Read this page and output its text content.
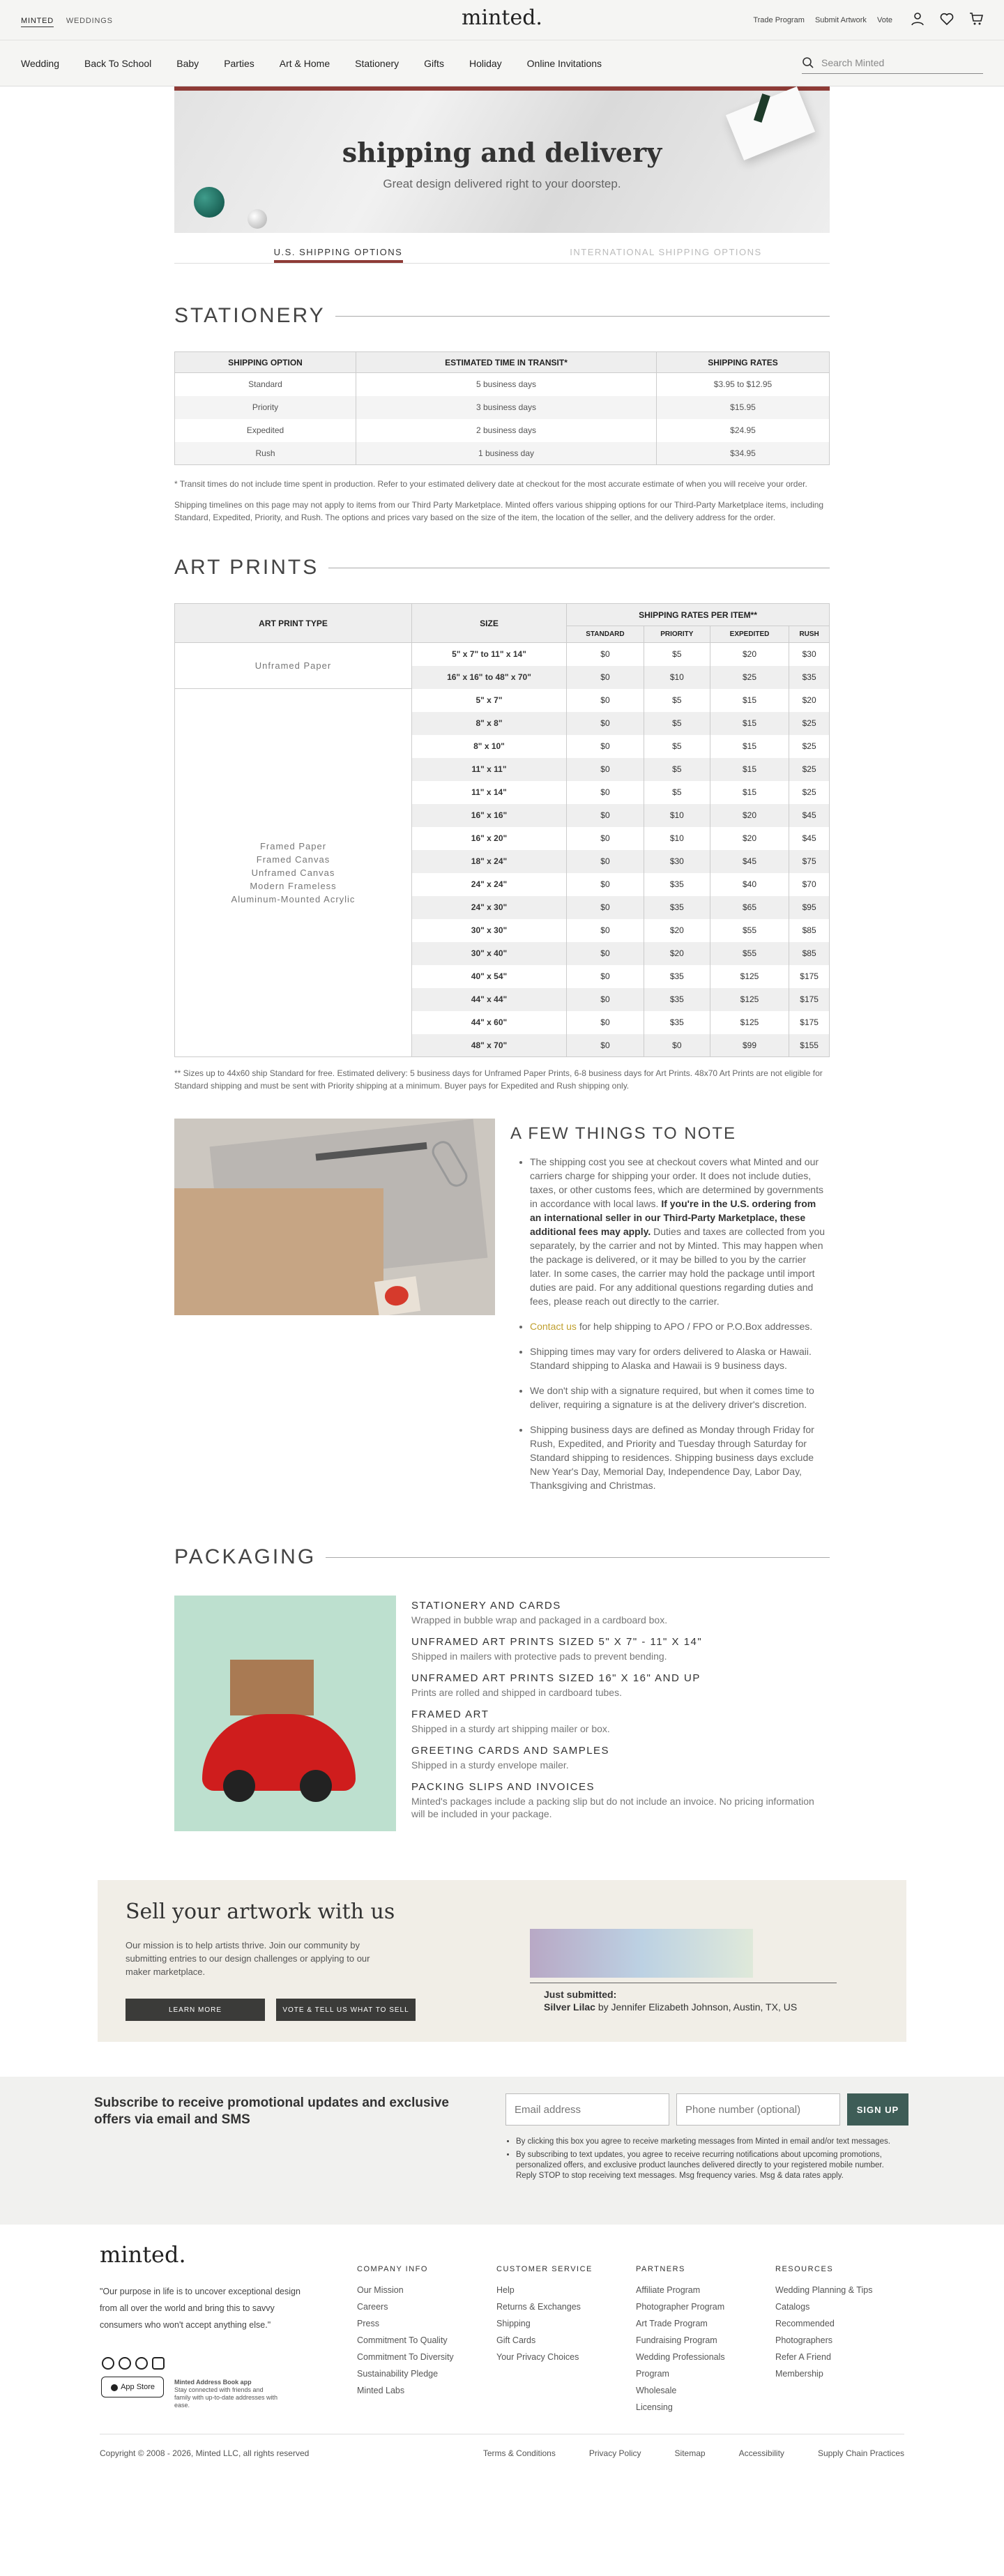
MINTED WEDDINGS	minted.	Trade Program Submit Artwork Vote
Wedding	Back To School	Baby	Parties	Art & Home	Stationery	Gifts	Holiday	Online Invitations	Search Minted
shipping and delivery

Great design delivered right to your doorstep.

U.S. SHIPPING OPTIONS	INTERNATIONAL SHIPPING OPTIONS
STATIONERY
SHIPPING OPTION	ESTIMATED TIME IN TRANSIT*	SHIPPING RATES
Standard	5 business days	$3.95 to $12.95
Priority	3 business days	$15.95
Expedited	2 business days	$24.95
Rush	1 business day	$34.95

* Transit times do not include time spent in production. Refer to your estimated delivery date at checkout for the most accurate estimate of when you will receive your order.

Shipping timelines on this page may not apply to items from our Third Party Marketplace. Minted offers various shipping options for our Third-Party Marketplace items, including Standard, Expedited, Priority, and Rush. The options and prices vary based on the size of the item, the location of the seller, and the delivery address for the order.

ART PRINTS
ART PRINT TYPE	SIZE	SHIPPING RATES PER ITEM**			
		STANDARD	PRIORITY	EXPEDITED	RUSH
Unframed Paper	5" x 7" to 11" x 14"	$0	$5	$20	$30
	16" x 16" to 48" x 70"	$0	$10	$25	$35

Framed Paper
Framed Canvas
Unframed Canvas
Modern Frameless
Aluminum-Mounted Acrylic	5" x 7"	$0	$5	$15	$20
	8" x 8"	$0	$5	$15	$25
	8" x 10"	$0	$5	$15	$25
	11" x 11"	$0	$5	$15	$25
	11" x 14"	$0	$5	$15	$25
	16" x 16"	$0	$10	$20	$45
	16" x 20"	$0	$10	$20	$45
	18" x 24"	$0	$30	$45	$75
	24" x 24"	$0	$35	$40	$70
	24" x 30"	$0	$35	$65	$95
	30" x 30"	$0	$20	$55	$85
	30" x 40"	$0	$20	$55	$85
	40" x 54"	$0	$35	$125	$175
	44" x 44"	$0	$35	$125	$175
	44" x 60"	$0	$35	$125	$175
	48" x 70"	$0	$0	$99	$155

** Sizes up to 44x60 ship Standard for free. Estimated delivery: 5 business days for Unframed Paper Prints, 6-8 business days for Art Prints. 48x70 Art Prints are not eligible for Standard shipping and must be sent with Priority shipping at a minimum. Buyer pays for Expedited and Rush shipping only.

A FEW THINGS TO NOTE
• The shipping cost you see at checkout covers what Minted and our carriers charge for shipping your order. It does not include duties, taxes, or other customs fees, which are determined by governments in accordance with local laws. If you're in the U.S. ordering from an international seller in our Third-Party Marketplace, these additional fees may apply. Duties and taxes are collected from you separately, by the carrier and not by Minted. This may happen when the package is delivered, or it may be billed to you by the carrier later. In some cases, the carrier may hold the package until import duties are paid. For any additional questions regarding duties and fees, please reach out directly to the carrier.
• Contact us for help shipping to APO / FPO or P.O.Box addresses.
• Shipping times may vary for orders delivered to Alaska or Hawaii. Standard shipping to Alaska and Hawaii is 9 business days.
• We don't ship with a signature required, but when it comes time to deliver, requiring a signature is at the delivery driver's discretion.
• Shipping business days are defined as Monday through Friday for Rush, Expedited, and Priority and Tuesday through Saturday for Standard shipping to residences. Shipping business days exclude New Year's Day, Memorial Day, Independence Day, Labor Day, Thanksgiving and Christmas.
PACKAGING
STATIONERY AND CARDS

Wrapped in bubble wrap and packaged in a cardboard box.

UNFRAMED ART PRINTS SIZED 5" X 7" - 11" X 14"

Shipped in mailers with protective pads to prevent bending.

UNFRAMED ART PRINTS SIZED 16" X 16" AND UP

Prints are rolled and shipped in cardboard tubes.

FRAMED ART

Shipped in a sturdy art shipping mailer or box.

GREETING CARDS AND SAMPLES

Shipped in a sturdy envelope mailer.

PACKING SLIPS AND INVOICES

Minted's packages include a packing slip but do not include an invoice. No pricing information will be included in your package.

Sell your artwork with us

Our mission is to help artists thrive. Join our community by submitting entries to our design challenges or applying to our maker marketplace.

LEARN MORE	VOTE & TELL US WHAT TO SELL
Just submitted:
Silver Lilac by Jennifer Elizabeth Johnson, Austin, TX, US
Subscribe to receive promotional updates and exclusive offers via email and SMS
Email address	Phone number (optional)	SIGN UP
• By clicking this box you agree to receive marketing messages from Minted in email and/or text messages.
• By subscribing to text updates, you agree to receive recurring notifications about upcoming promotions, personalized offers, and exclusive product launches delivered directly to your registered mobile number. Reply STOP to stop receiving text messages. Msg frequency varies. Msg & data rates apply.
minted.
"Our purpose in life is to uncover exceptional design from all over the world and bring this to savvy consumers who won't accept anything else."

App Store
Minted Address Book app
Stay connected with friends and family with up-to-date addresses with ease.
COMPANY INFO
Our Mission
Careers
Press
Commitment To Quality
Commitment To Diversity
Sustainability Pledge
Minted Labs
CUSTOMER SERVICE
Help
Returns & Exchanges
Shipping
Gift Cards
Your Privacy Choices
PARTNERS
Affiliate Program
Photographer Program
Art Trade Program
Fundraising Program
Wedding Professionals Program
Wholesale
Licensing
RESOURCES
Wedding Planning & Tips
Catalogs
Recommended Photographers
Refer A Friend
Membership
Copyright © 2008 - 2026, Minted LLC, all rights reserved	Terms & Conditions	Privacy Policy	Sitemap	Accessibility	Supply Chain Practices
